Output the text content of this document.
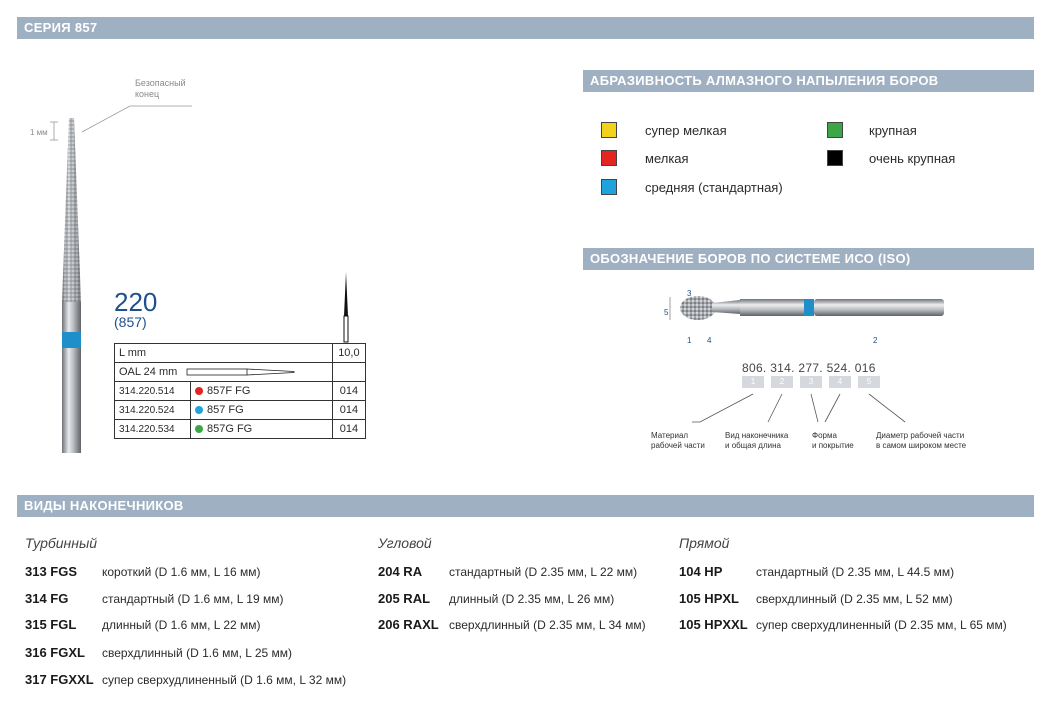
СЕРИЯ 857
Безопасный
конец
1 мм
220
(857)
L mm		10,0
OAL 24 mm		
314.220.514	857F FG	014
314.220.524	857 FG	014
314.220.534	857G FG	014
АБРАЗИВНОСТЬ АЛМАЗНОГО НАПЫЛЕНИЯ БОРОВ
супер мелкая
мелкая
средняя (стандартная)
крупная
очень крупная
ОБОЗНАЧЕНИЕ БОРОВ ПО СИСТЕМЕ ИСО (ISO)
3
5
1 4	2
806. 314. 277. 524. 016
1	2	3	4	5
Материал
рабочей части
Вид наконечника
и общая длина
Форма
и покрытие
Диаметр рабочей части
в самом широком месте
ВИДЫ НАКОНЕЧНИКОВ
Турбинный
313 FGS короткий (D 1.6 мм, L 16 мм)
314 FG	стандартный (D 1.6 мм, L 19 мм)
315 FGL длинный (D 1.6 мм, L 22 мм)
316 FGXL сверхдлинный (D 1.6 мм, L 25 мм)
317 FGXXL супер сверхудлиненный (D 1.6 мм, L 32 мм)
Угловой
204 RA стандартный (D 2.35 мм, L 22 мм)
205 RAL длинный (D 2.35 мм, L 26 мм)
206 RAXL сверхдлинный (D 2.35 мм, L 34 мм)
Прямой
104 HP	стандартный (D 2.35 мм, L 44.5 мм)
105 HPXL сверхдлинный (D 2.35 мм, L 52 мм)
105 HPXXL супер сверхудлиненный (D 2.35 мм, L 65 мм)
